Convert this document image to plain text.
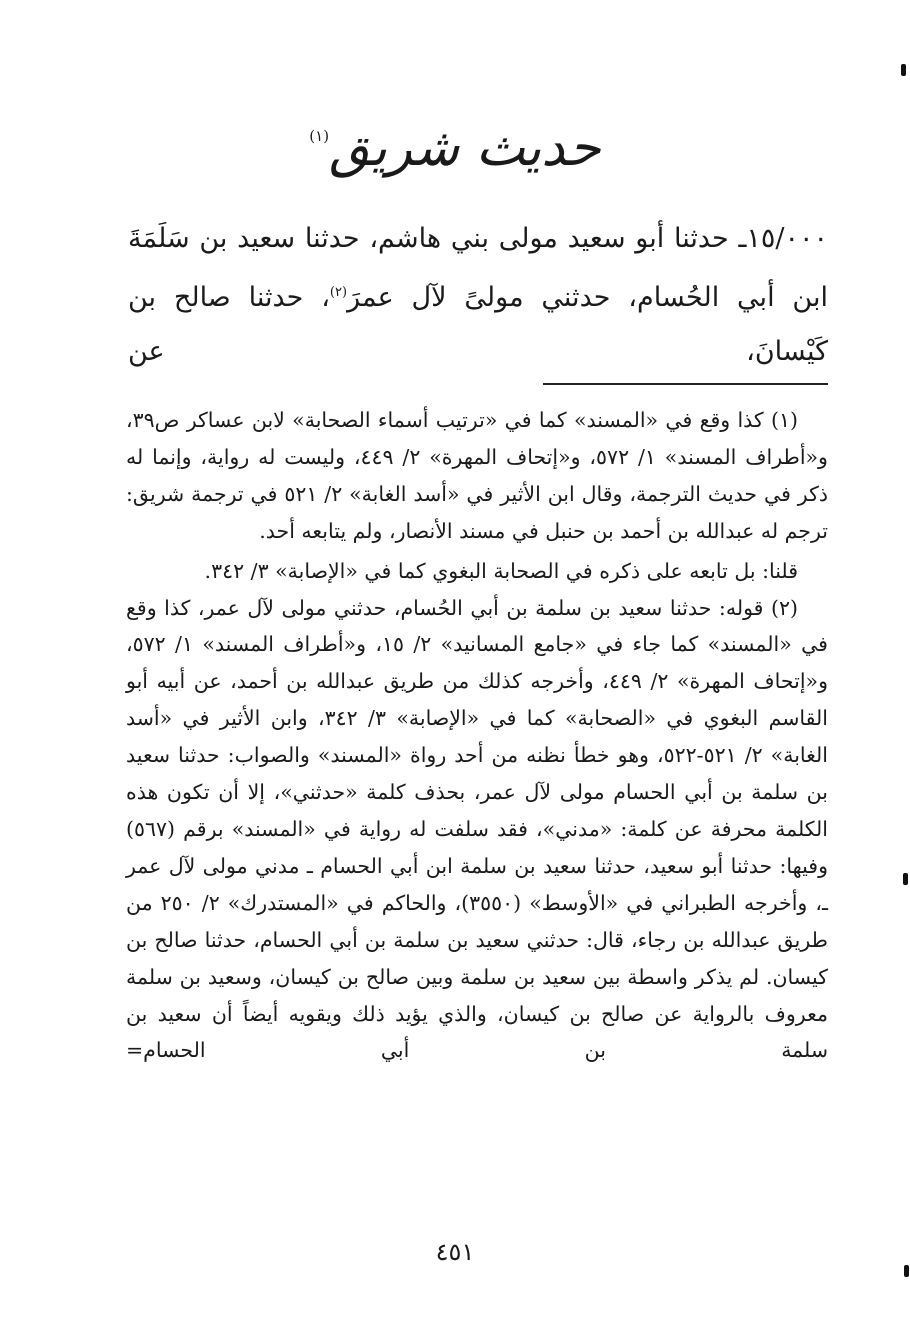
حديث شريق$^{(١)}$

١٥/٠٠٠ـ حدثنا أبو سعيد مولى بني هاشم، حدثنا سعيد بن سَلَمَةَ

ابن أبي الحُسام، حدثني مولىً لآل عمرَ$^{(٢)}$، حدثنا صالح بن كَيْسانَ، عن

(١) كذا وقع في «المسند» كما في «ترتيب أسماء الصحابة» لابن عساكر ص٣٩، و«أطراف المسند» ١/ ٥٧٢، و«إتحاف المهرة» ٢/ ٤٤٩، وليست له رواية، وإنما له ذكر في حديث الترجمة، وقال ابن الأثير في «أسد الغابة» ٢/ ٥٢١ في ترجمة شريق: ترجم له عبدالله بن أحمد بن حنبل في مسند الأنصار، ولم يتابعه أحد.

قلنا: بل تابعه على ذكره في الصحابة البغوي كما في «الإصابة» ٣/ ٣٤٢.

(٢) قوله: حدثنا سعيد بن سلمة بن أبي الحُسام، حدثني مولى لآل عمر، كذا وقع في «المسند» كما جاء في «جامع المسانيد» ٢/ ١٥، و«أطراف المسند» ١/ ٥٧٢، و«إتحاف المهرة» ٢/ ٤٤٩، وأخرجه كذلك من طريق عبدالله بن أحمد، عن أبيه أبو القاسم البغوي في «الصحابة» كما في «الإصابة» ٣/ ٣٤٢، وابن الأثير في «أسد الغابة» ٢/ ٥٢١-٥٢٢، وهو خطأ نظنه من أحد رواة «المسند» والصواب: حدثنا سعيد بن سلمة بن أبي الحسام مولى لآل عمر، بحذف كلمة «حدثني»، إلا أن تكون هذه الكلمة محرفة عن كلمة: «مدني»، فقد سلفت له رواية في «المسند» برقم (٥٦٧) وفيها: حدثنا أبو سعيد، حدثنا سعيد بن سلمة ابن أبي الحسام ـ مدني مولى لآل عمر ـ، وأخرجه الطبراني في «الأوسط» (٣٥٥٠)، والحاكم في «المستدرك» ٢/ ٢٥٠ من طريق عبدالله بن رجاء، قال: حدثني سعيد بن سلمة بن أبي الحسام، حدثنا صالح بن كيسان. لم يذكر واسطة بين سعيد بن سلمة وبين صالح بن كيسان، وسعيد بن سلمة معروف بالرواية عن صالح بن كيسان، والذي يؤيد ذلك ويقويه أيضاً أن سعيد بن سلمة بن أبي الحسام=

٤٥١
